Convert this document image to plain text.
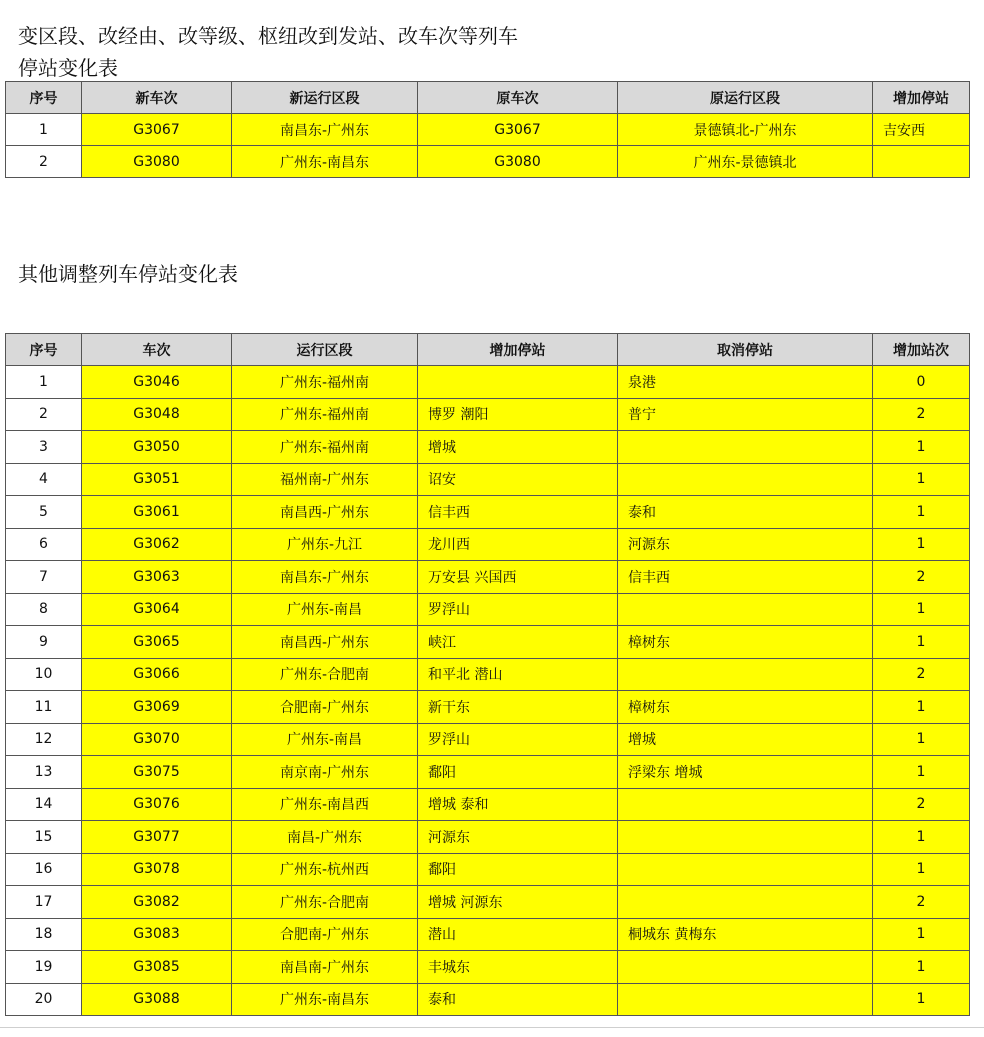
变区段、改经由、改等级、枢纽改到发站、改车次等列车
停站变化表
序号	新车次	新运行区段	原车次	原运行区段	增加停站
1	G3067	南昌东-广州东	G3067	景德镇北-广州东	吉安西
2	G3080	广州东-南昌东	G3080	广州东-景德镇北	
其他调整列车停站变化表
序号	车次	运行区段	增加停站	取消停站	增加站次
1	G3046	广州东-福州南		泉港	0
2	G3048	广州东-福州南	博罗 潮阳	普宁	2
3	G3050	广州东-福州南	增城		1
4	G3051	福州南-广州东	诏安		1
5	G3061	南昌西-广州东	信丰西	泰和	1
6	G3062	广州东-九江	龙川西	河源东	1
7	G3063	南昌东-广州东	万安县 兴国西	信丰西	2
8	G3064	广州东-南昌	罗浮山		1
9	G3065	南昌西-广州东	峡江	樟树东	1
10	G3066	广州东-合肥南	和平北 潜山		2
11	G3069	合肥南-广州东	新干东	樟树东	1
12	G3070	广州东-南昌	罗浮山	增城	1
13	G3075	南京南-广州东	鄱阳	浮梁东 增城	1
14	G3076	广州东-南昌西	增城 泰和		2
15	G3077	南昌-广州东	河源东		1
16	G3078	广州东-杭州西	鄱阳		1
17	G3082	广州东-合肥南	增城 河源东		2
18	G3083	合肥南-广州东	潜山	桐城东 黄梅东	1
19	G3085	南昌南-广州东	丰城东		1
20	G3088	广州东-南昌东	泰和		1
